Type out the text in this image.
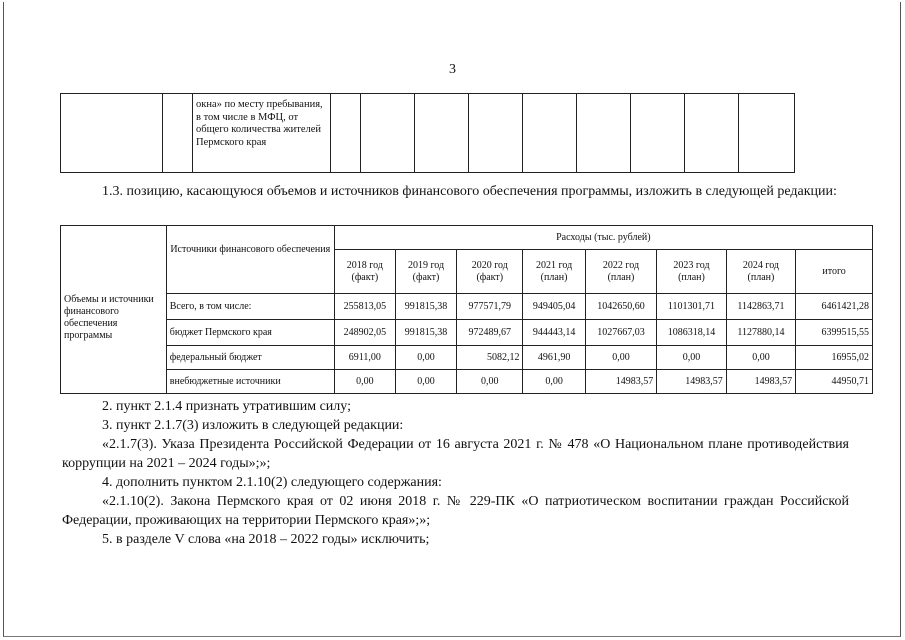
3

окна» по месту пребывания, в том числе в МФЦ, от общего количества жителей Пермского края

1.3. позицию, касающуюся объемов и источников финансового обеспечения программы, изложить в следующей редакции:
Объемы и источники финансового обеспечения программы	Источники финансового обеспечения	Расходы (тыс. рублей)							
		2018 год (факт)	2019 год (факт)	2020 год (факт)	2021 год (план)	2022 год (план)	2023 год (план)	2024 год (план)	итого
	Всего, в том числе:	255813,05	991815,38	977571,79	949405,04	1042650,60	1101301,71	1142863,71	6461421,28
	бюджет Пермского края	248902,05	991815,38	972489,67	944443,14	1027667,03	1086318,14	1127880,14	6399515,55
	федеральный бюджет	6911,00	0,00	5082,12	4961,90	0,00	0,00	0,00	16955,02
	внебюджетные источники	0,00	0,00	0,00	0,00	14983,57	14983,57	14983,57	44950,71
2. пункт 2.1.4 признать утратившим силу;
3. пункт 2.1.7(3) изложить в следующей редакции:
«2.1.7(3). Указа Президента Российской Федерации от 16 августа 2021 г. № 478 «О Национальном плане противодействия коррупции на 2021 – 2024 годы»;»;
4. дополнить пунктом 2.1.10(2) следующего содержания:
«2.1.10(2). Закона Пермского края от 02 июня 2018 г. № 229-ПК «О патриотическом воспитании граждан Российской Федерации, проживающих на территории Пермского края»;»;
5. в разделе V слова «на 2018 – 2022 годы» исключить;
